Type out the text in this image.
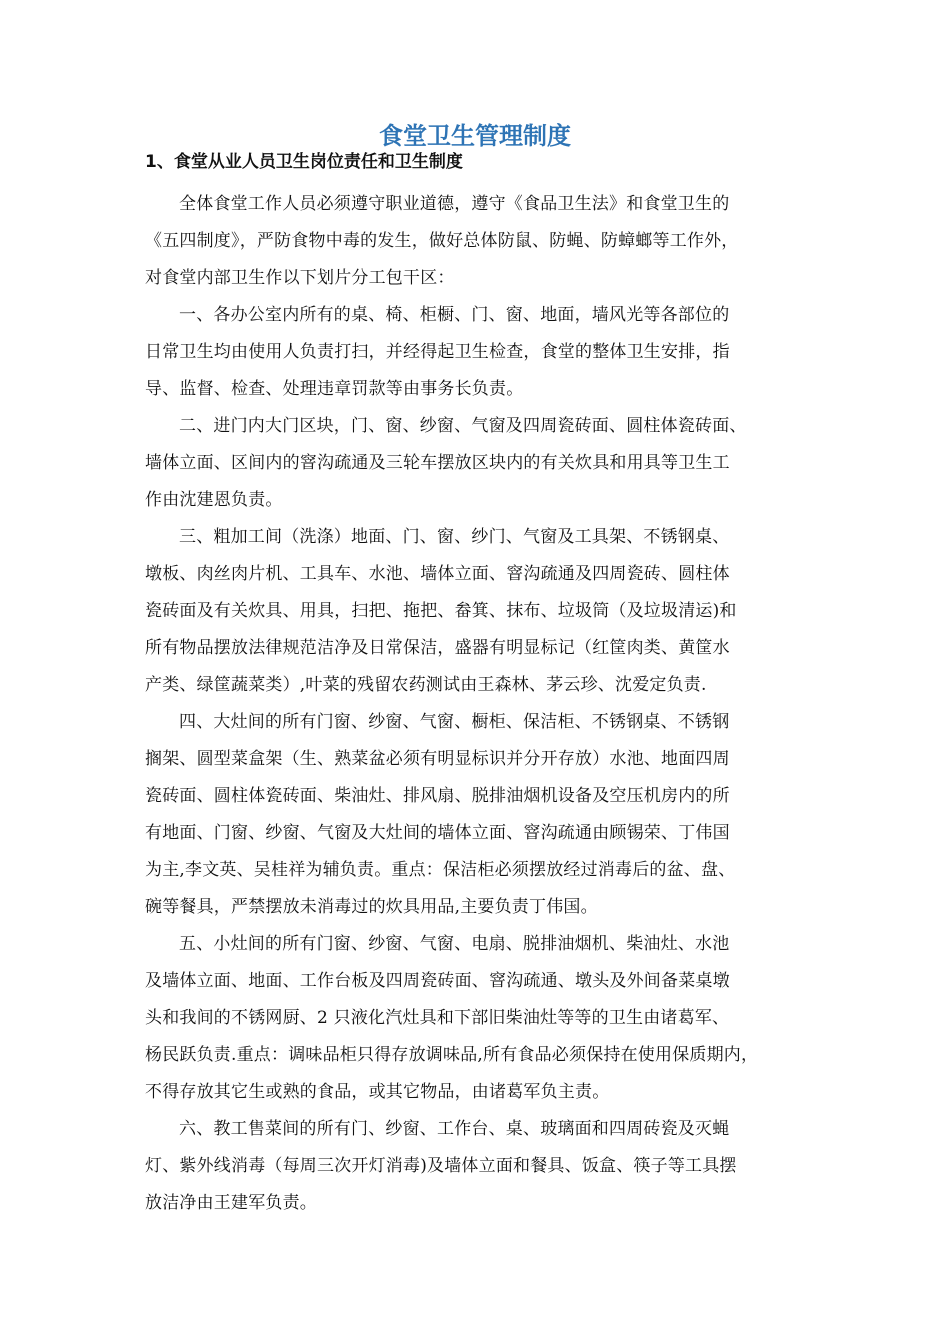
食堂卫生管理制度
1、食堂从业人员卫生岗位责任和卫生制度
全体食堂工作人员必须遵守职业道德，遵守《食品卫生法》和食堂卫生的
《五四制度》，严防食物中毒的发生，做好总体防鼠、防蝇、防蟑螂等工作外，
对食堂内部卫生作以下划片分工包干区：
一、各办公室内所有的桌、椅、柜橱、门、窗、地面，墙风光等各部位的
日常卫生均由使用人负责打扫，并经得起卫生检查，食堂的整体卫生安排，指
导、监督、检查、处理违章罚款等由事务长负责。
二、进门内大门区块，门、窗、纱窗、气窗及四周瓷砖面、圆柱体瓷砖面、
墙体立面、区间内的窨沟疏通及三轮车摆放区块内的有关炊具和用具等卫生工
作由沈建恩负责。
三、粗加工间（洗涤）地面、门、窗、纱门、气窗及工具架、不锈钢桌、
墩板、肉丝肉片机、工具车、水池、墙体立面、窨沟疏通及四周瓷砖、圆柱体
瓷砖面及有关炊具、用具，扫把、拖把、畚箕、抹布、垃圾筒（及垃圾清运)和
所有物品摆放法律规范洁净及日常保洁，盛器有明显标记（红筐肉类、黄筐水
产类、绿筐蔬菜类）,叶菜的残留农药测试由王森林、茅云珍、沈爱定负责.
四、大灶间的所有门窗、纱窗、气窗、橱柜、保洁柜、不锈钢桌、不锈钢
搁架、圆型菜盒架（生、熟菜盆必须有明显标识并分开存放）水池、地面四周
瓷砖面、圆柱体瓷砖面、柴油灶、排风扇、脱排油烟机设备及空压机房内的所
有地面、门窗、纱窗、气窗及大灶间的墙体立面、窨沟疏通由顾锡荣、丁伟国
为主,李文英、吴桂祥为辅负责。重点：保洁柜必须摆放经过消毒后的盆、盘、
碗等餐具，严禁摆放未消毒过的炊具用品,主要负责丁伟国。
五、小灶间的所有门窗、纱窗、气窗、电扇、脱排油烟机、柴油灶、水池
及墙体立面、地面、工作台板及四周瓷砖面、窨沟疏通、墩头及外间备菜桌墩
头和我间的不锈网厨、2 只液化汽灶具和下部旧柴油灶等等的卫生由诸葛军、
杨民跃负责.重点：调味品柜只得存放调味品,所有食品必须保持在使用保质期内，
不得存放其它生或熟的食品，或其它物品，由诸葛军负主责。
六、教工售菜间的所有门、纱窗、工作台、桌、玻璃面和四周砖瓷及灭蝇
灯、紫外线消毒（每周三次开灯消毒)及墙体立面和餐具、饭盒、筷子等工具摆
放洁净由王建军负责。
